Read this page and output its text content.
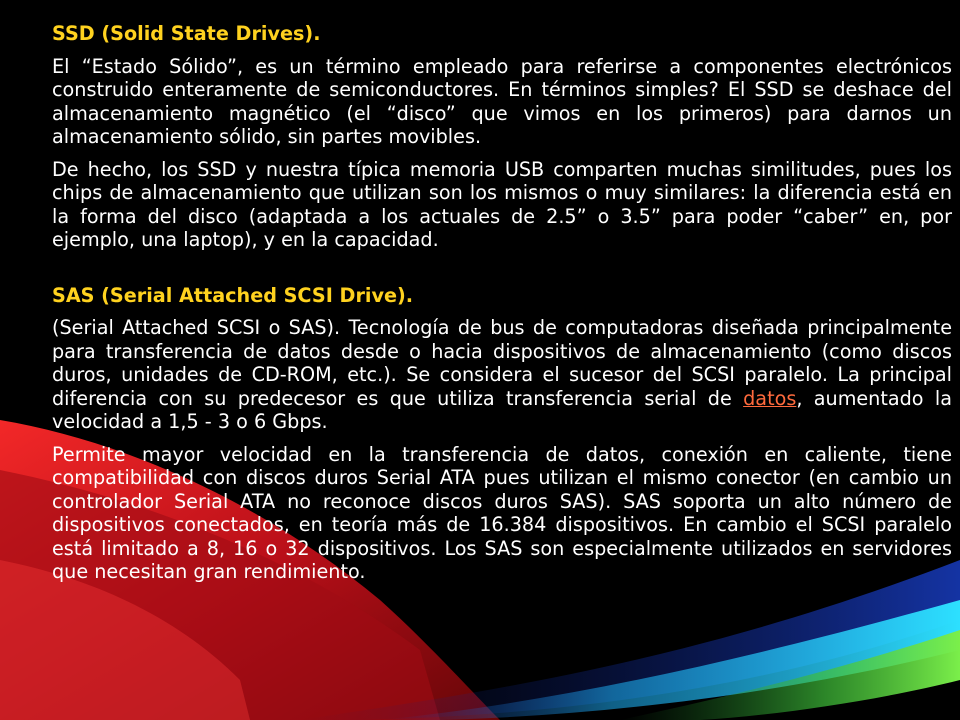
SSD (Solid State Drives).
El “Estado Sólido”, es un término empleado para referirse a componentes electrónicos construido enteramente de semiconductores. En términos simples? El SSD se deshace del almacenamiento magnético (el “disco” que vimos en los primeros) para darnos un almacenamiento sólido, sin partes movibles.
De hecho, los SSD y nuestra típica memoria USB comparten muchas similitudes, pues los chips de almacenamiento que utilizan son los mismos o muy similares: la diferencia está en la forma del disco (adaptada a los actuales de 2.5” o 3.5” para poder “caber” en, por ejemplo, una laptop), y en la capacidad.
SAS (Serial Attached SCSI Drive).
(Serial Attached SCSI o SAS). Tecnología de bus de computadoras diseñada principalmente para transferencia de datos desde o hacia dispositivos de almacenamiento (como discos duros, unidades de CD-ROM, etc.). Se considera el sucesor del SCSI paralelo. La principal diferencia con su predecesor es que utiliza transferencia serial de datos, aumentado la velocidad a 1,5 - 3 o 6 Gbps.
Permite mayor velocidad en la transferencia de datos, conexión en caliente, tiene compatibilidad con discos duros Serial ATA pues utilizan el mismo conector (en cambio un controlador Serial ATA no reconoce discos duros SAS). SAS soporta un alto número de dispositivos conectados, en teoría más de 16.384 dispositivos. En cambio el SCSI paralelo está limitado a 8, 16 o 32 dispositivos. Los SAS son especialmente utilizados en servidores que necesitan gran rendimiento.
